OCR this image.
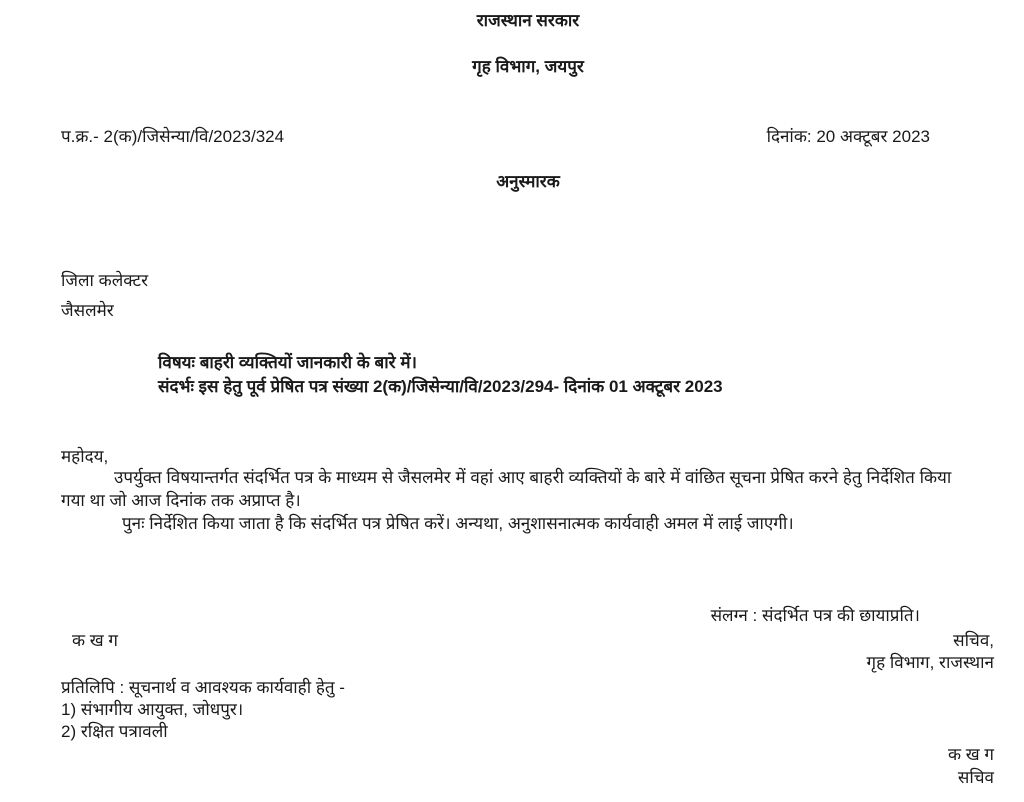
राजस्थान सरकार
गृह विभाग, जयपुर
प.क्र.- 2(क)/जिसेन्या/वि/2023/324	दिनांक: 20 अक्टूबर 2023
अनुस्मारक
जिला कलेक्टर
जैसलमेर
विषयः बाहरी व्यक्तियों जानकारी के बारे में।
संदर्भः इस हेतु पूर्व प्रेषित पत्र संख्या 2(क)/जिसेन्या/वि/2023/294- दिनांक 01 अक्टूबर 2023
महोदय,

उपर्युक्त विषयान्तर्गत संदर्भित पत्र के माध्यम से जैसलमेर में वहां आए बाहरी व्यक्तियों के बारे में वांछित सूचना प्रेषित करने हेतु निर्देशित किया गया था जो आज दिनांक तक अप्राप्त है।

पुनः निर्देशित किया जाता है कि संदर्भित पत्र प्रेषित करें। अन्यथा, अनुशासनात्मक कार्यवाही अमल में लाई जाएगी।

संलग्न : संदर्भित पत्र की छायाप्रति।
क ख ग	सचिव,
गृह विभाग, राजस्थान
प्रतिलिपि : सूचनार्थ व आवश्यक कार्यवाही हेतु -
1) संभागीय आयुक्त, जोधपुर।
2) रक्षित पत्रावली
क ख ग
सचिव
